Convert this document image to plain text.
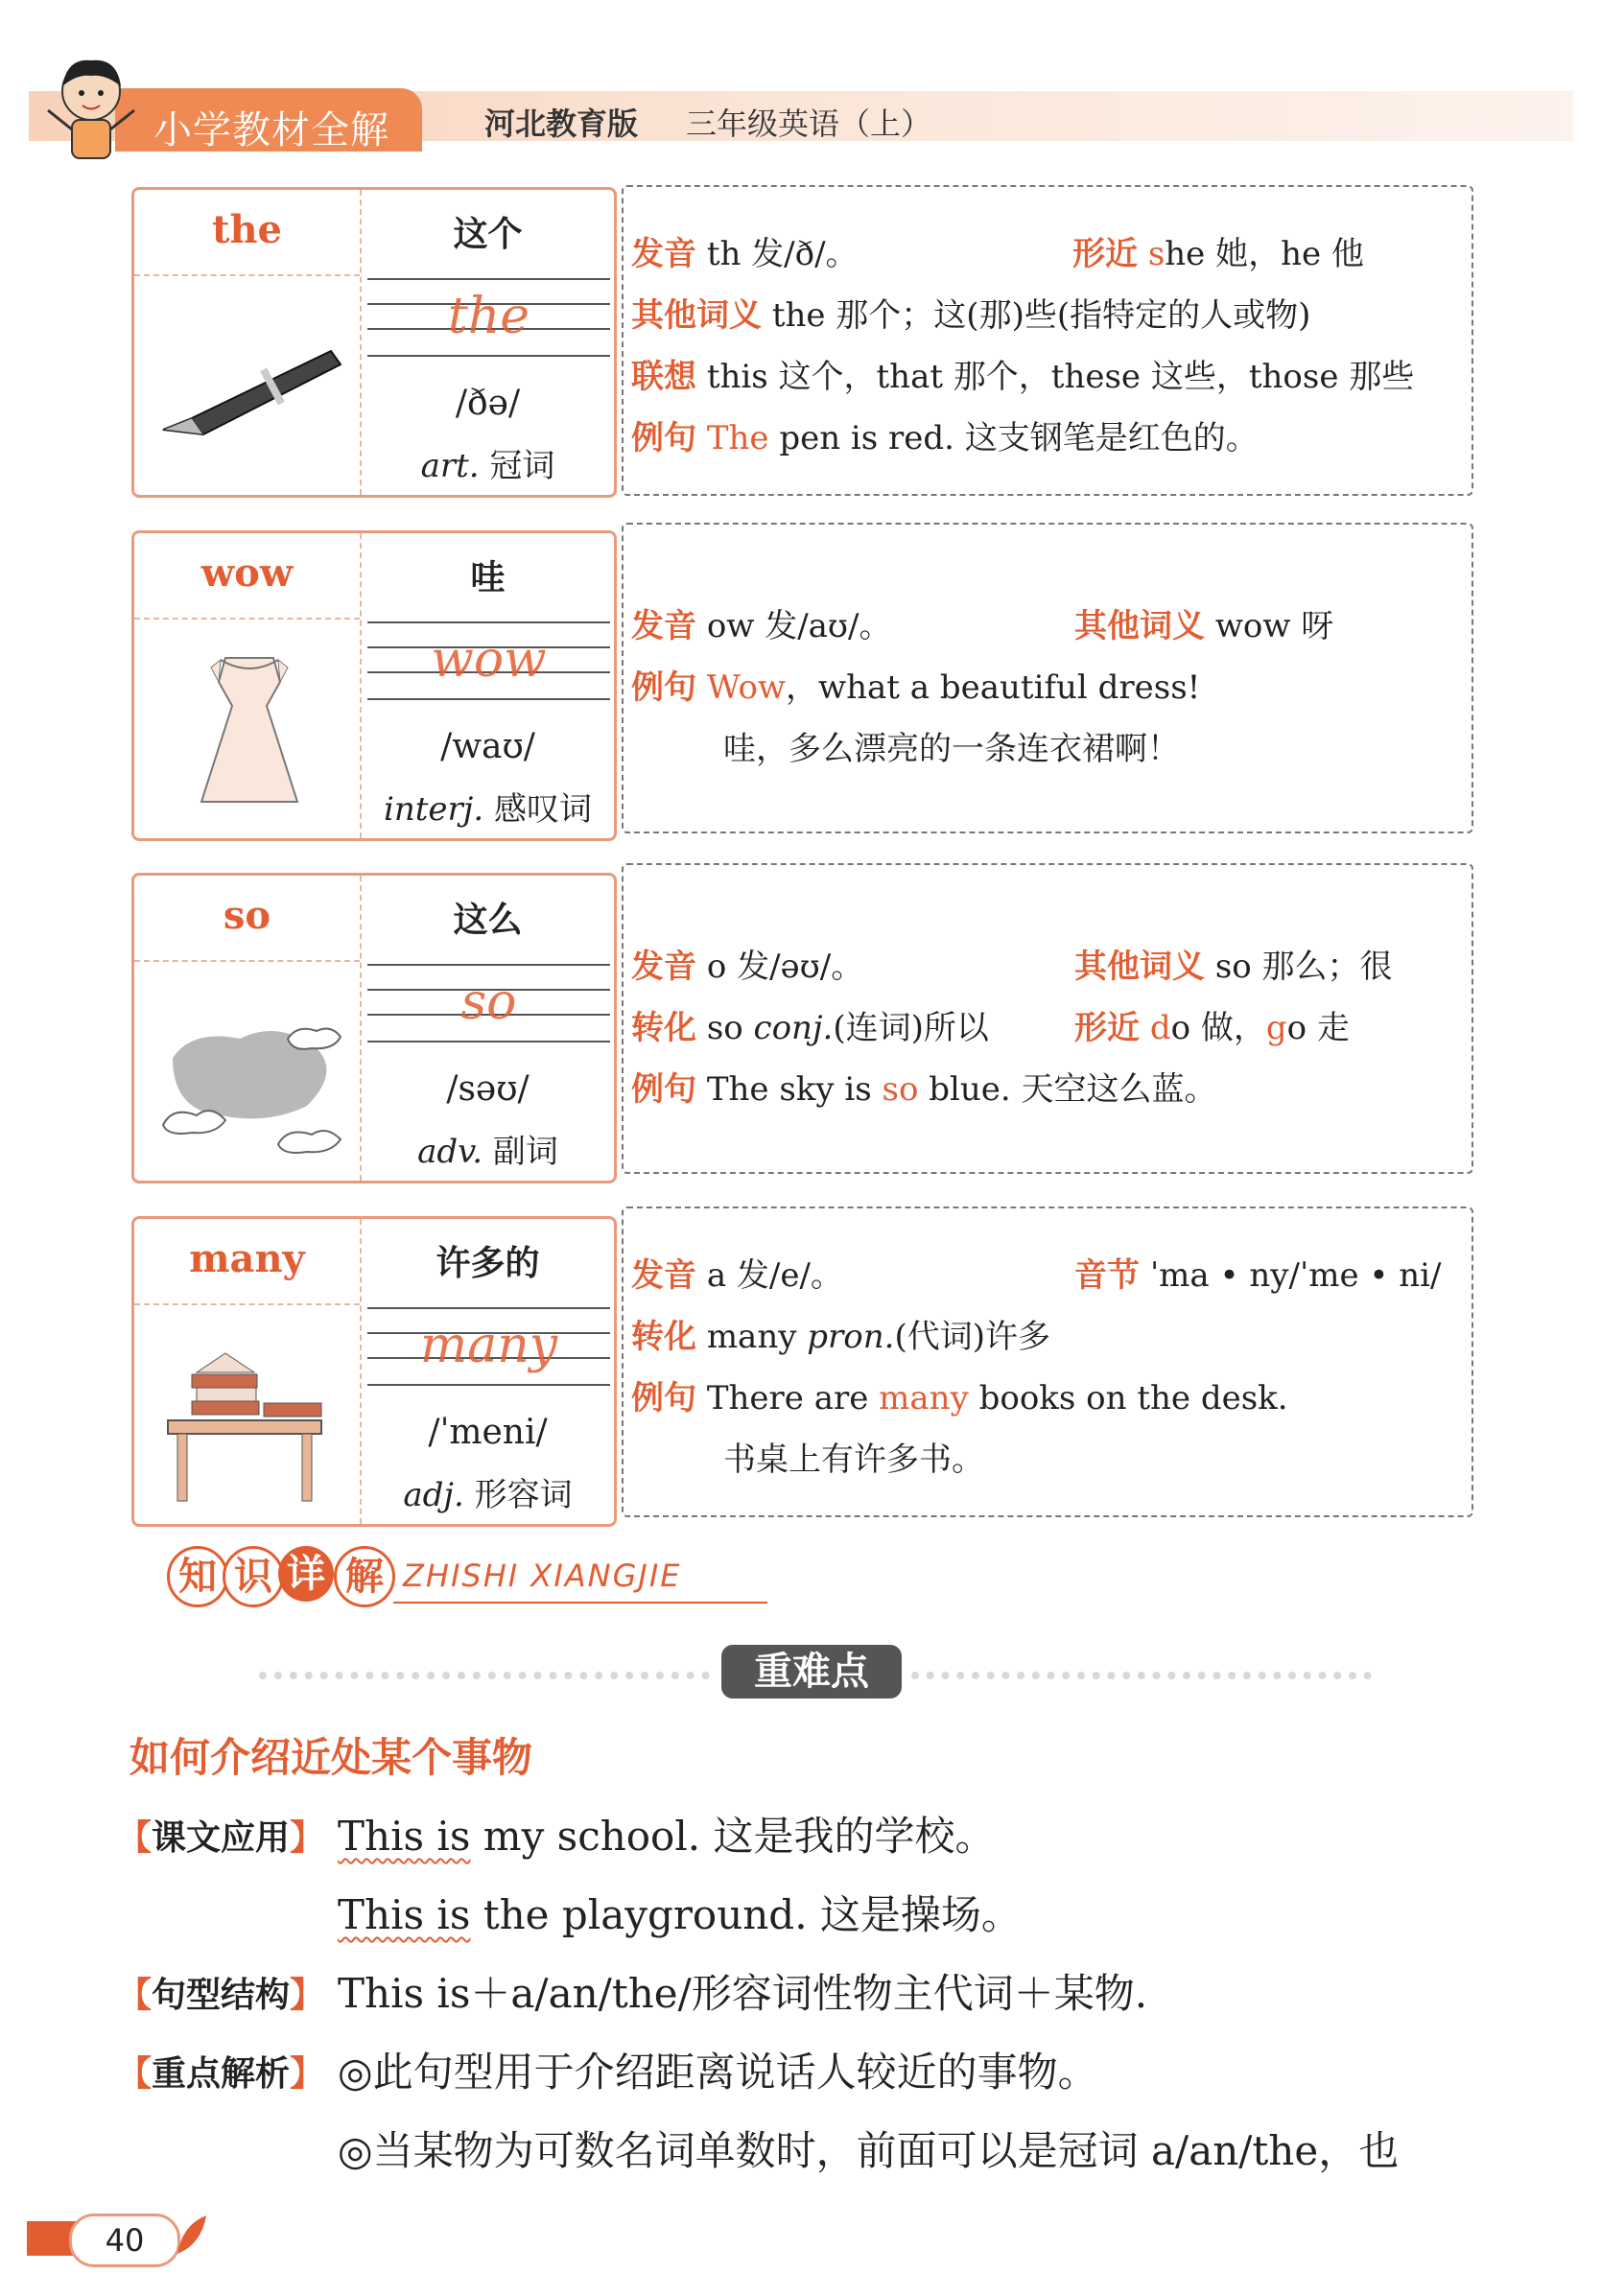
小学教材全解	河北教育版 三年级英语（上）
the	这个
the
/ðə/
art. 冠词
发音 th 发/ð/。	形近 she 她，he 他
其他词义 the 那个；这(那)些(指特定的人或物)
联想 this 这个，that 那个，these 这些，those 那些
例句 The pen is red. 这支钢笔是红色的。
wow	哇
wow
/waʊ/
interj. 感叹词
发音 ow 发/aʊ/。	其他词义 wow 呀
例句 Wow，what a beautiful dress!
哇，多么漂亮的一条连衣裙啊！
so	这么
so
/səʊ/
adv. 副词
发音 o 发/əʊ/。	其他词义 so 那么；很
转化 so conj.(连词)所以	形近 do 做，go 走
例句 The sky is so blue. 天空这么蓝。
many	许多的
many
/ˈmeni/
adj. 形容词
发音 a 发/e/。	音节 ˈma • ny/ˈme • ni/
转化 many pron.(代词)许多
例句 There are many books on the desk.
书桌上有许多书。
知 识 详 解 ZHISHI XIANGJIE
重难点
如何介绍近处某个事物
【课文应用】 This is my school. 这是我的学校。
This is the playground. 这是操场。
【句型结构】 This is＋a/an/the/形容词性物主代词＋某物.
【重点解析】 ◎此句型用于介绍距离说话人较近的事物。
◎当某物为可数名词单数时，前面可以是冠词 a/an/the，也
40
